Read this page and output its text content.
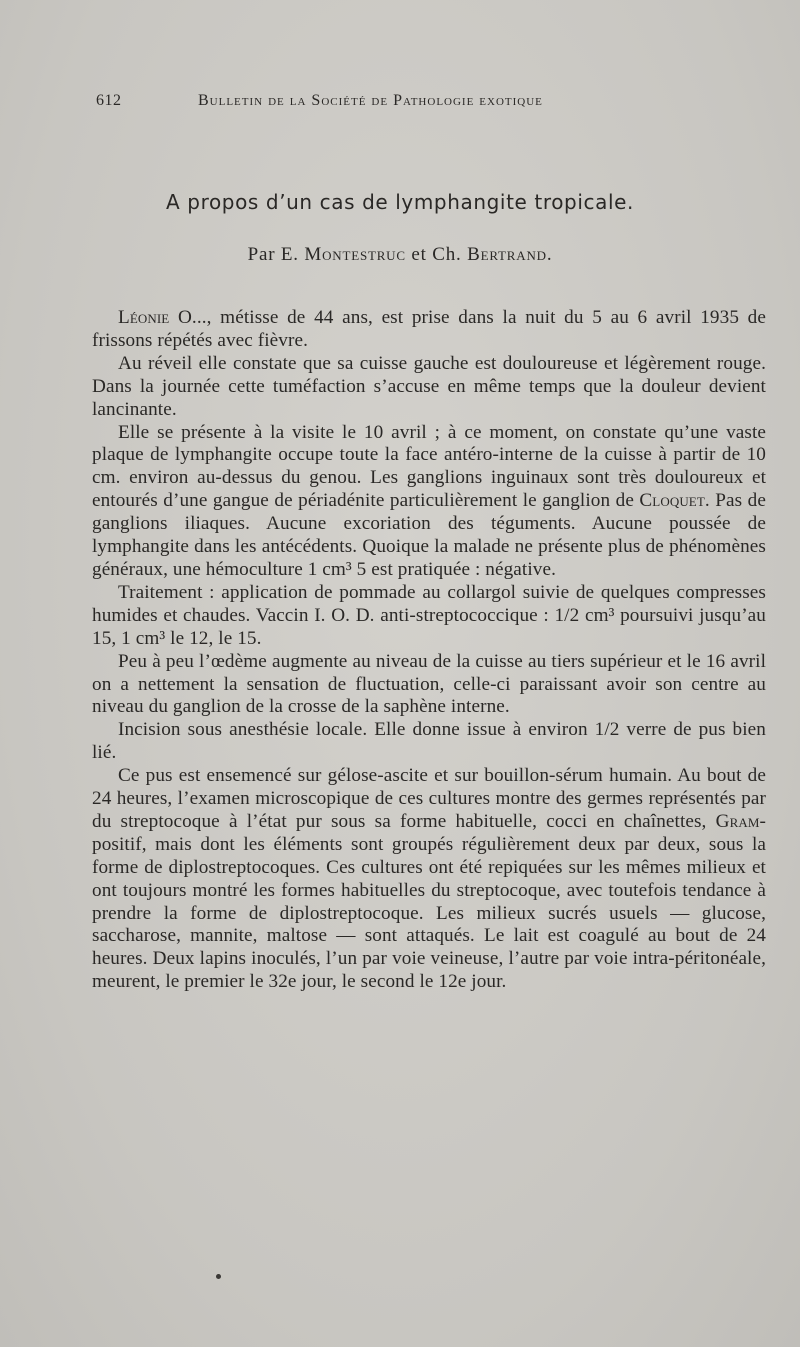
612	Bulletin de la Société de Pathologie exotique
A propos d’un cas de lymphangite tropicale.
Par E. Montestruc et Ch. Bertrand.

Léonie O..., métisse de 44 ans, est prise dans la nuit du 5 au 6 avril 1935 de frissons répétés avec fièvre.

Au réveil elle constate que sa cuisse gauche est douloureuse et légèrement rouge. Dans la journée cette tuméfaction s’accuse en même temps que la douleur devient lancinante.

Elle se présente à la visite le 10 avril ; à ce moment, on constate qu’une vaste plaque de lymphangite occupe toute la face antéro-interne de la cuisse à partir de 10 cm. environ au-dessus du genou. Les ganglions inguinaux sont très douloureux et entourés d’une gangue de périadénite particulièrement le ganglion de Cloquet. Pas de ganglions iliaques. Aucune excoriation des téguments. Aucune poussée de lymphangite dans les antécédents. Quoique la malade ne présente plus de phénomènes généraux, une hémoculture 1 cm³ 5 est pratiquée : négative.

Traitement : application de pommade au collargol suivie de quelques compresses humides et chaudes. Vaccin I. O. D. anti-streptococcique : 1/2 cm³ poursuivi jusqu’au 15, 1 cm³ le 12, le 15.

Peu à peu l’œdème augmente au niveau de la cuisse au tiers supérieur et le 16 avril on a nettement la sensation de fluctuation, celle-ci paraissant avoir son centre au niveau du ganglion de la crosse de la saphène interne.

Incision sous anesthésie locale. Elle donne issue à environ 1/2 verre de pus bien lié.

Ce pus est ensemencé sur gélose-ascite et sur bouillon-sérum humain. Au bout de 24 heures, l’examen microscopique de ces cultures montre des germes représentés par du streptocoque à l’état pur sous sa forme habituelle, cocci en chaînettes, Gram-positif, mais dont les éléments sont groupés régulièrement deux par deux, sous la forme de diplostreptocoques. Ces cultures ont été repiquées sur les mêmes milieux et ont toujours montré les formes habituelles du streptocoque, avec toutefois tendance à prendre la forme de diplostreptocoque. Les milieux sucrés usuels — glucose, saccharose, mannite, maltose — sont attaqués. Le lait est coagulé au bout de 24 heures. Deux lapins inoculés, l’un par voie veineuse, l’autre par voie intra-péritonéale, meurent, le premier le 32e jour, le second le 12e jour.
